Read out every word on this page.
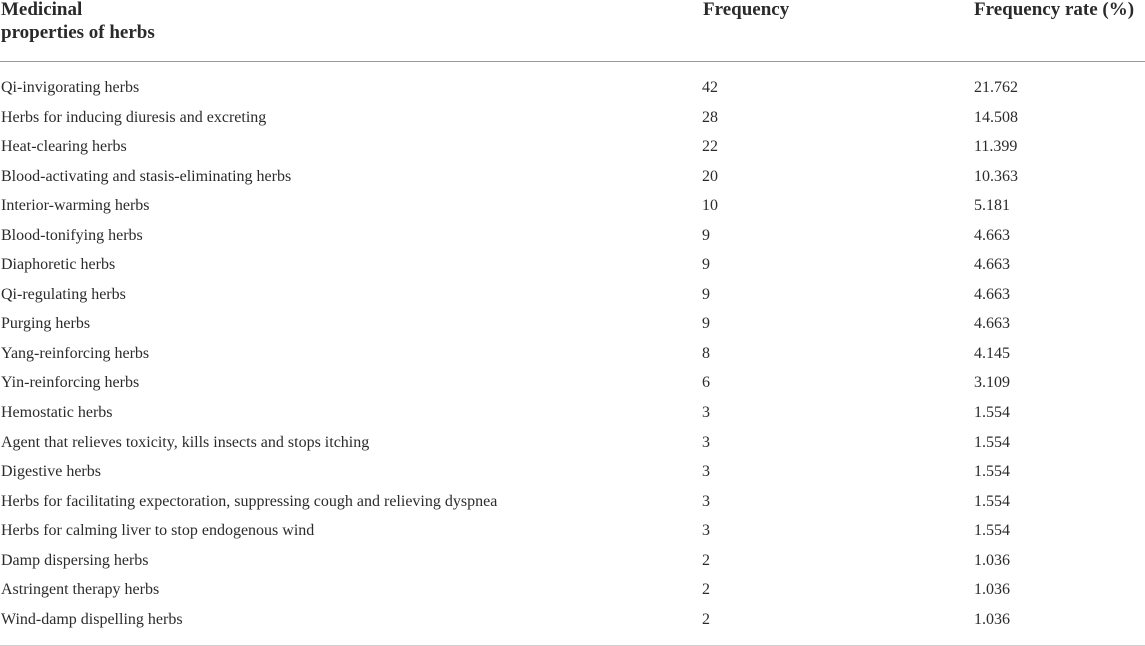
Medicinal
properties of herbs
Frequency	Frequency rate (%)
Qi-invigorating herbs	42	21.762
Herbs for inducing diuresis and excreting	28	14.508
Heat-clearing herbs	22	11.399
Blood-activating and stasis-eliminating herbs	20	10.363
Interior-warming herbs	10	5.181
Blood-tonifying herbs	9	4.663
Diaphoretic herbs	9	4.663
Qi-regulating herbs	9	4.663
Purging herbs	9	4.663
Yang-reinforcing herbs	8	4.145
Yin-reinforcing herbs	6	3.109
Hemostatic herbs	3	1.554
Agent that relieves toxicity, kills insects and stops itching	3	1.554
Digestive herbs	3	1.554
Herbs for facilitating expectoration, suppressing cough and relieving dyspnea	3	1.554
Herbs for calming liver to stop endogenous wind	3	1.554
Damp dispersing herbs	2	1.036
Astringent therapy herbs	2	1.036
Wind-damp dispelling herbs	2	1.036
